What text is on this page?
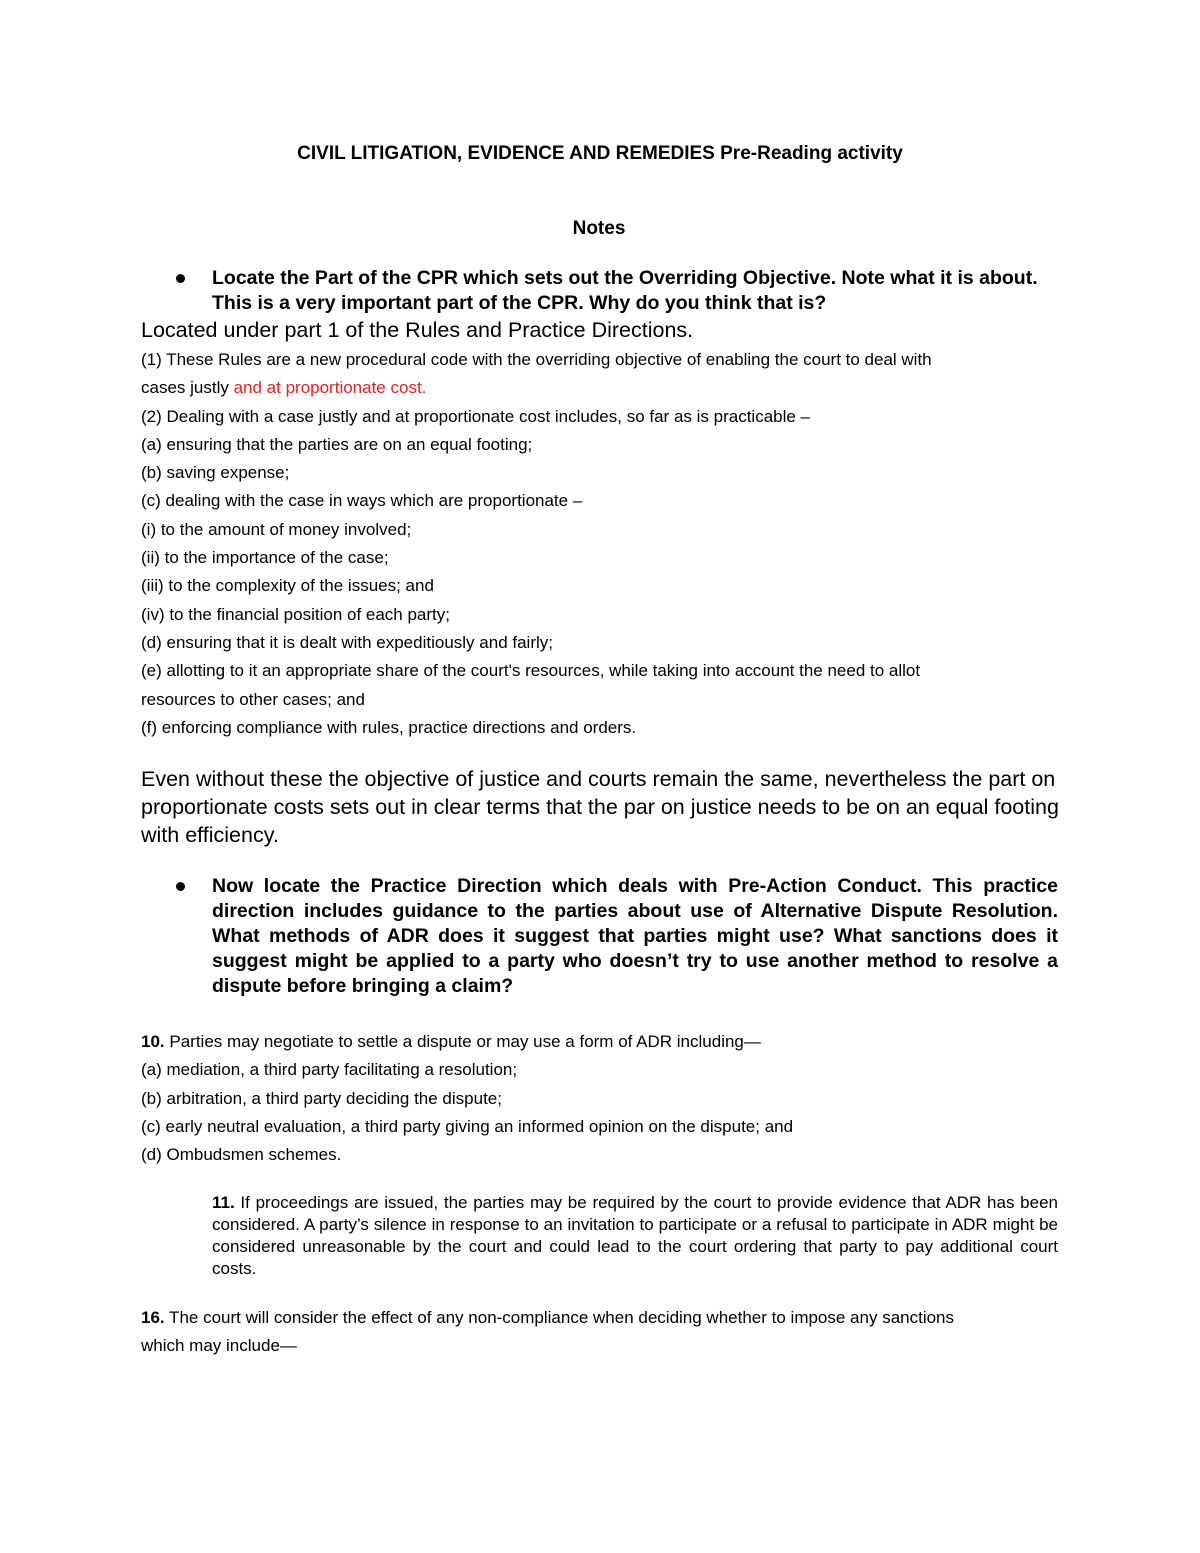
CIVIL LITIGATION, EVIDENCE AND REMEDIES Pre-Reading activity
Notes
Locate the Part of the CPR which sets out the Overriding Objective. Note what it is about. This is a very important part of the CPR. Why do you think that is?
Located under part 1 of the Rules and Practice Directions.
(1) These Rules are a new procedural code with the overriding objective of enabling the court to deal with
cases justly and at proportionate cost.
(2) Dealing with a case justly and at proportionate cost includes, so far as is practicable –
(a) ensuring that the parties are on an equal footing;
(b) saving expense;
(c) dealing with the case in ways which are proportionate –
(i) to the amount of money involved;
(ii) to the importance of the case;
(iii) to the complexity of the issues; and
(iv) to the financial position of each party;
(d) ensuring that it is dealt with expeditiously and fairly;
(e) allotting to it an appropriate share of the court's resources, while taking into account the need to allot
resources to other cases; and
(f) enforcing compliance with rules, practice directions and orders.
Even without these the objective of justice and courts remain the same, nevertheless the part on proportionate costs sets out in clear terms that the par on justice needs to be on an equal footing with efficiency.
Now locate the Practice Direction which deals with Pre-Action Conduct. This practice direction includes guidance to the parties about use of Alternative Dispute Resolution. What methods of ADR does it suggest that parties might use? What sanctions does it suggest might be applied to a party who doesn’t try to use another method to resolve a dispute before bringing a claim?
10. Parties may negotiate to settle a dispute or may use a form of ADR including—
(a) mediation, a third party facilitating a resolution;
(b) arbitration, a third party deciding the dispute;
(c) early neutral evaluation, a third party giving an informed opinion on the dispute; and
(d) Ombudsmen schemes.
11. If proceedings are issued, the parties may be required by the court to provide evidence that ADR has been considered. A party’s silence in response to an invitation to participate or a refusal to participate in ADR might be considered unreasonable by the court and could lead to the court ordering that party to pay additional court costs.
16. The court will consider the effect of any non-compliance when deciding whether to impose any sanctions
which may include—
